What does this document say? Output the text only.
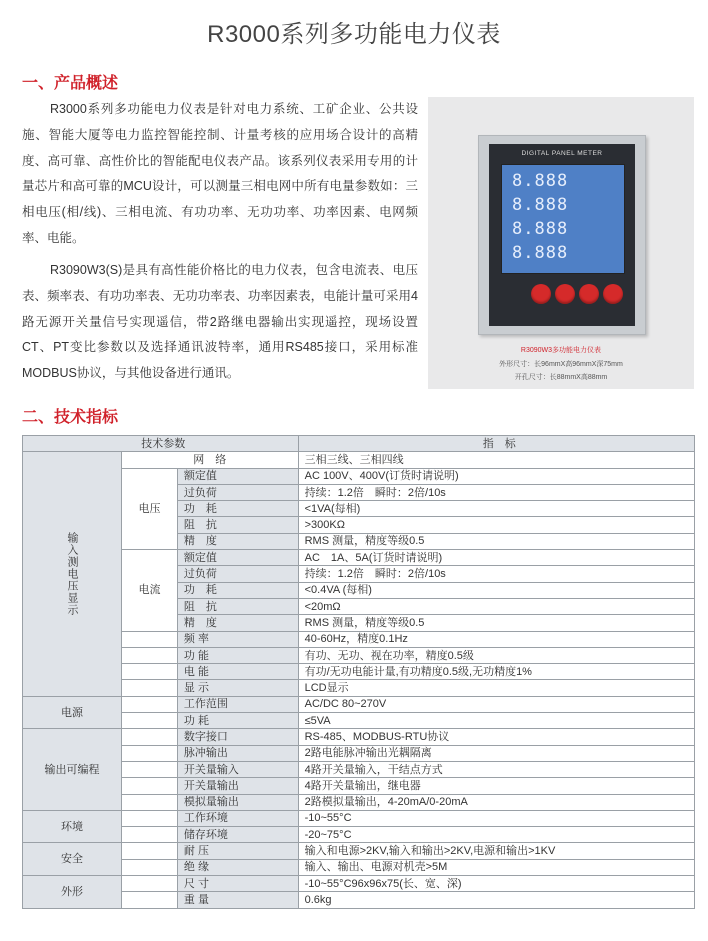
R3000系列多功能电力仪表
一、产品概述
R3000系列多功能电力仪表是针对电力系统、工矿企业、公共设施、智能大厦等电力监控智能控制、计量考核的应用场合设计的高精度、高可靠、高性价比的智能配电仪表产品。该系列仪表采用专用的计量芯片和高可靠的MCU设计，可以测量三相电网中所有电量参数如：三相电压(相/线)、三相电流、有功功率、无功功率、功率因素、电网频率、电能。
R3090W3(S)是具有高性能价格比的电力仪表，包含电流表、电压表、频率表、有功功率表、无功功率表、功率因素表，电能计量可采用4路无源开关量信号实现遥信，带2路继电器输出实现遥控，现场设置CT、PT变比参数以及选择通讯波特率，通用RS485接口，采用标准MODBUS协议，与其他设备进行通讯。
DIGITAL PANEL METER
8.888
8.888
8.888
8.888
R3090W3多功能电力仪表
外形尺寸：长96mmX高96mmX深75mm
开孔尺寸：长88mmX高88mm
二、技术指标
技术参数			指　标

输入测电压显示	网　络		三相三线、三相四线
	电压	额定值	AC 100V、400V(订货时请说明)
		过负荷	持续：1.2倍　瞬时：2倍/10s
		功　耗	<1VA(每相)
		阻　抗	>300KΩ
		精　度	RMS 测量，精度等级0.5
	电流	额定值	AC　1A、5A(订货时请说明)
		过负荷	持续：1.2倍　瞬时：2倍/10s
		功　耗	<0.4VA (每相)
		阻　抗	<20mΩ
		精　度	RMS 测量，精度等级0.5
		频 率	40-60Hz，精度0.1Hz
		功 能	有功、无功、视在功率，精度0.5级
		电 能	有功/无功电能计量,有功精度0.5级,无功精度1%
		显 示	LCD显示
电源		工作范围	AC/DC 80~270V
		功 耗	≤5VA
输出可编程		数字接口	RS-485、MODBUS-RTU协议
		脉冲输出	2路电能脉冲输出光耦隔离
		开关量输入	4路开关量输入，干结点方式
		开关量输出	4路开关量输出，继电器
		模拟量输出	2路模拟量输出，4-20mA/0-20mA
环境		工作环境	-10~55°C
		储存环境	-20~75°C
安全		耐 压	输入和电源>2KV,输入和输出>2KV,电源和输出>1KV
		绝 缘	输入、输出、电源对机壳>5M
外形		尺 寸	-10~55°C96x96x75(长、宽、深)
		重 量	0.6kg
